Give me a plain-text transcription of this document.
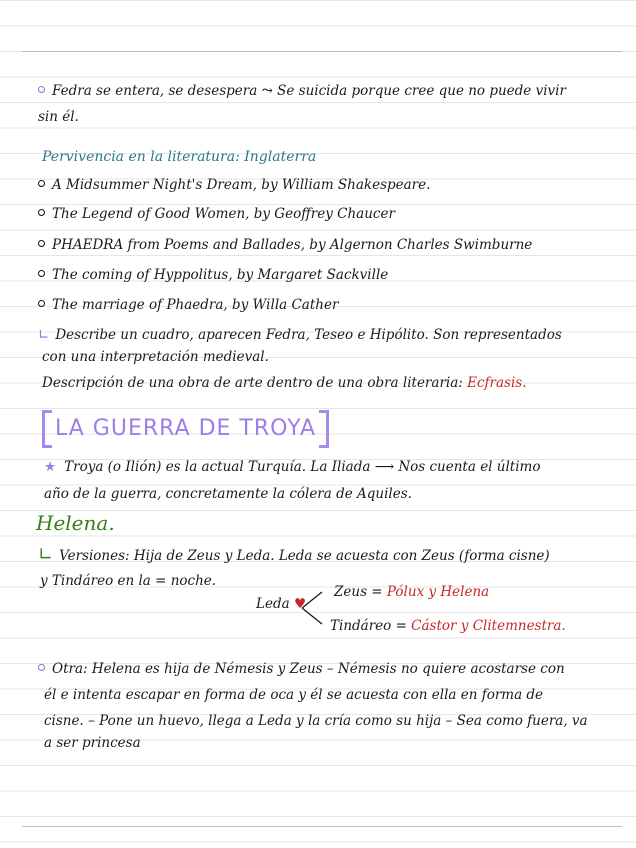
Fedra se entera, se desespera ⤳ Se suicida porque cree que no puede vivir
sin él.
Pervivencia en la literatura: Inglaterra
A Midsummer Night's Dream, by William Shakespeare.
The Legend of Good Women, by Geoffrey Chaucer
PHAEDRA from Poems and Ballades, by Algernon Charles Swimburne
The coming of Hyppolitus, by Margaret Sackville
The marriage of Phaedra, by Willa Cather
∟ Describe un cuadro, aparecen Fedra, Teseo e Hipólito. Son representados
con una interpretación medieval.
Descripción de una obra de arte dentro de una obra literaria: Ecfrasis.
LA GUERRA DE TROYA
★ Troya (o Ilión) es la actual Turquía. La Iliada ⟶ Nos cuenta el último
año de la guerra, concretamente la cólera de Aquiles.
Helena.
∟ Versiones: Hija de Zeus y Leda. Leda se acuesta con Zeus (forma cisne)
y Tindáreo en la = noche.
Leda ♥
Zeus = Pólux y Helena
Tindáreo = Cástor y Clitemnestra.
Otra: Helena es hija de Némesis y Zeus – Némesis no quiere acostarse con
él e intenta escapar en forma de oca y él se acuesta con ella en forma de
cisne. – Pone un huevo, llega a Leda y la cría como su hija – Sea como fuera, va
a ser princesa
